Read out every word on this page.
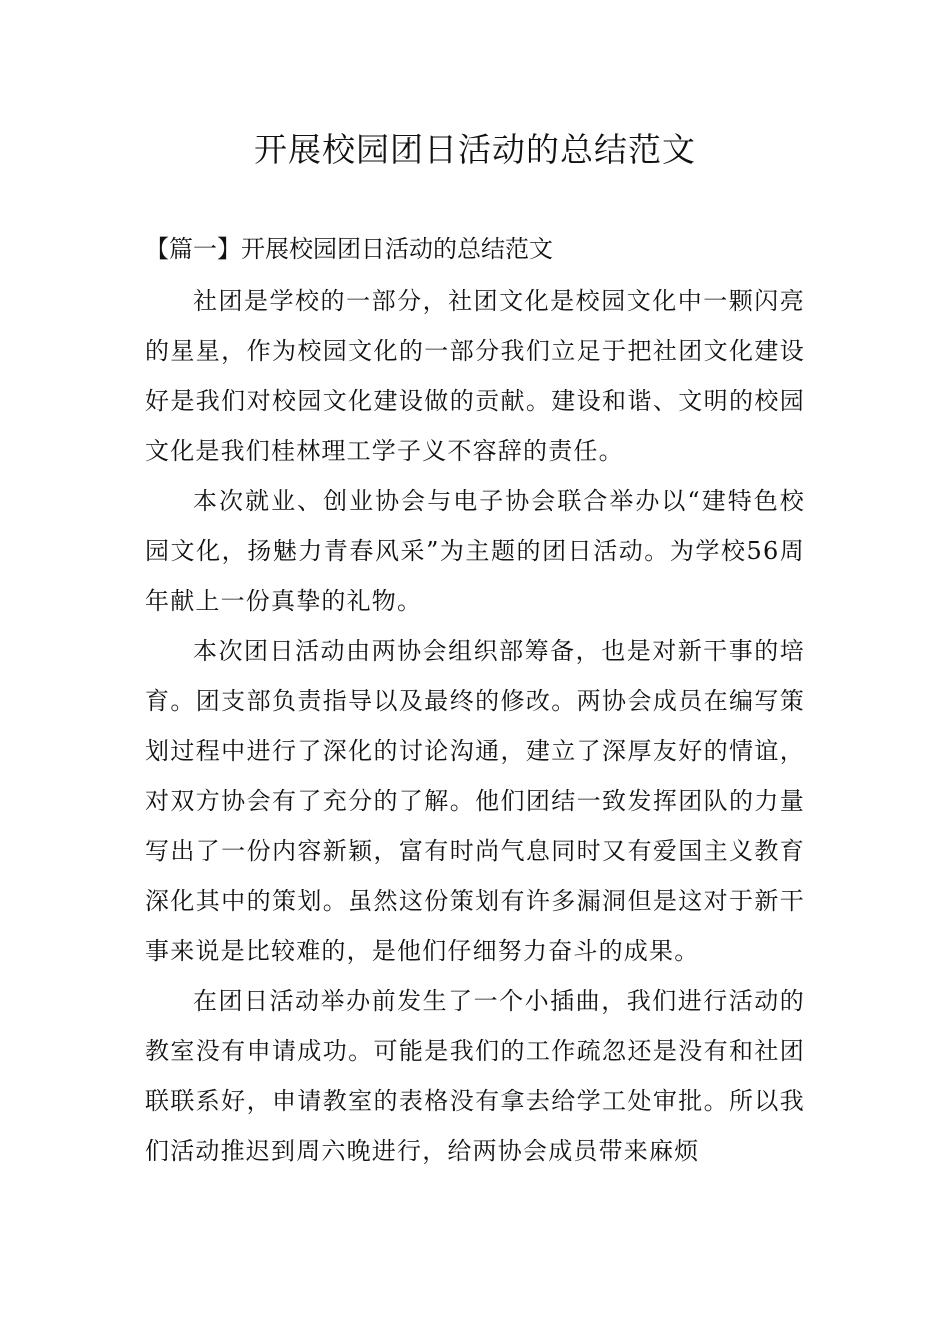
开展校园团日活动的总结范文

【篇一】开展校园团日活动的总结范文

社团是学校的一部分，社团文化是校园文化中一颗闪亮的星星，作为校园文化的一部分我们立足于把社团文化建设好是我们对校园文化建设做的贡献。建设和谐、文明的校园文化是我们桂林理工学子义不容辞的责任。

本次就业、创业协会与电子协会联合举办以“建特色校园文化，扬魅力青春风采”为主题的团日活动。为学校56周年献上一份真挚的礼物。

本次团日活动由两协会组织部筹备，也是对新干事的培育。团支部负责指导以及最终的修改。两协会成员在编写策划过程中进行了深化的讨论沟通，建立了深厚友好的情谊，对双方协会有了充分的了解。他们团结一致发挥团队的力量写出了一份内容新颖，富有时尚气息同时又有爱国主义教育深化其中的策划。虽然这份策划有许多漏洞但是这对于新干事来说是比较难的，是他们仔细努力奋斗的成果。

在团日活动举办前发生了一个小插曲，我们进行活动的教室没有申请成功。可能是我们的工作疏忽还是没有和社团联联系好，申请教室的表格没有拿去给学工处审批。所以我们活动推迟到周六晚进行，给两协会成员带来麻烦
